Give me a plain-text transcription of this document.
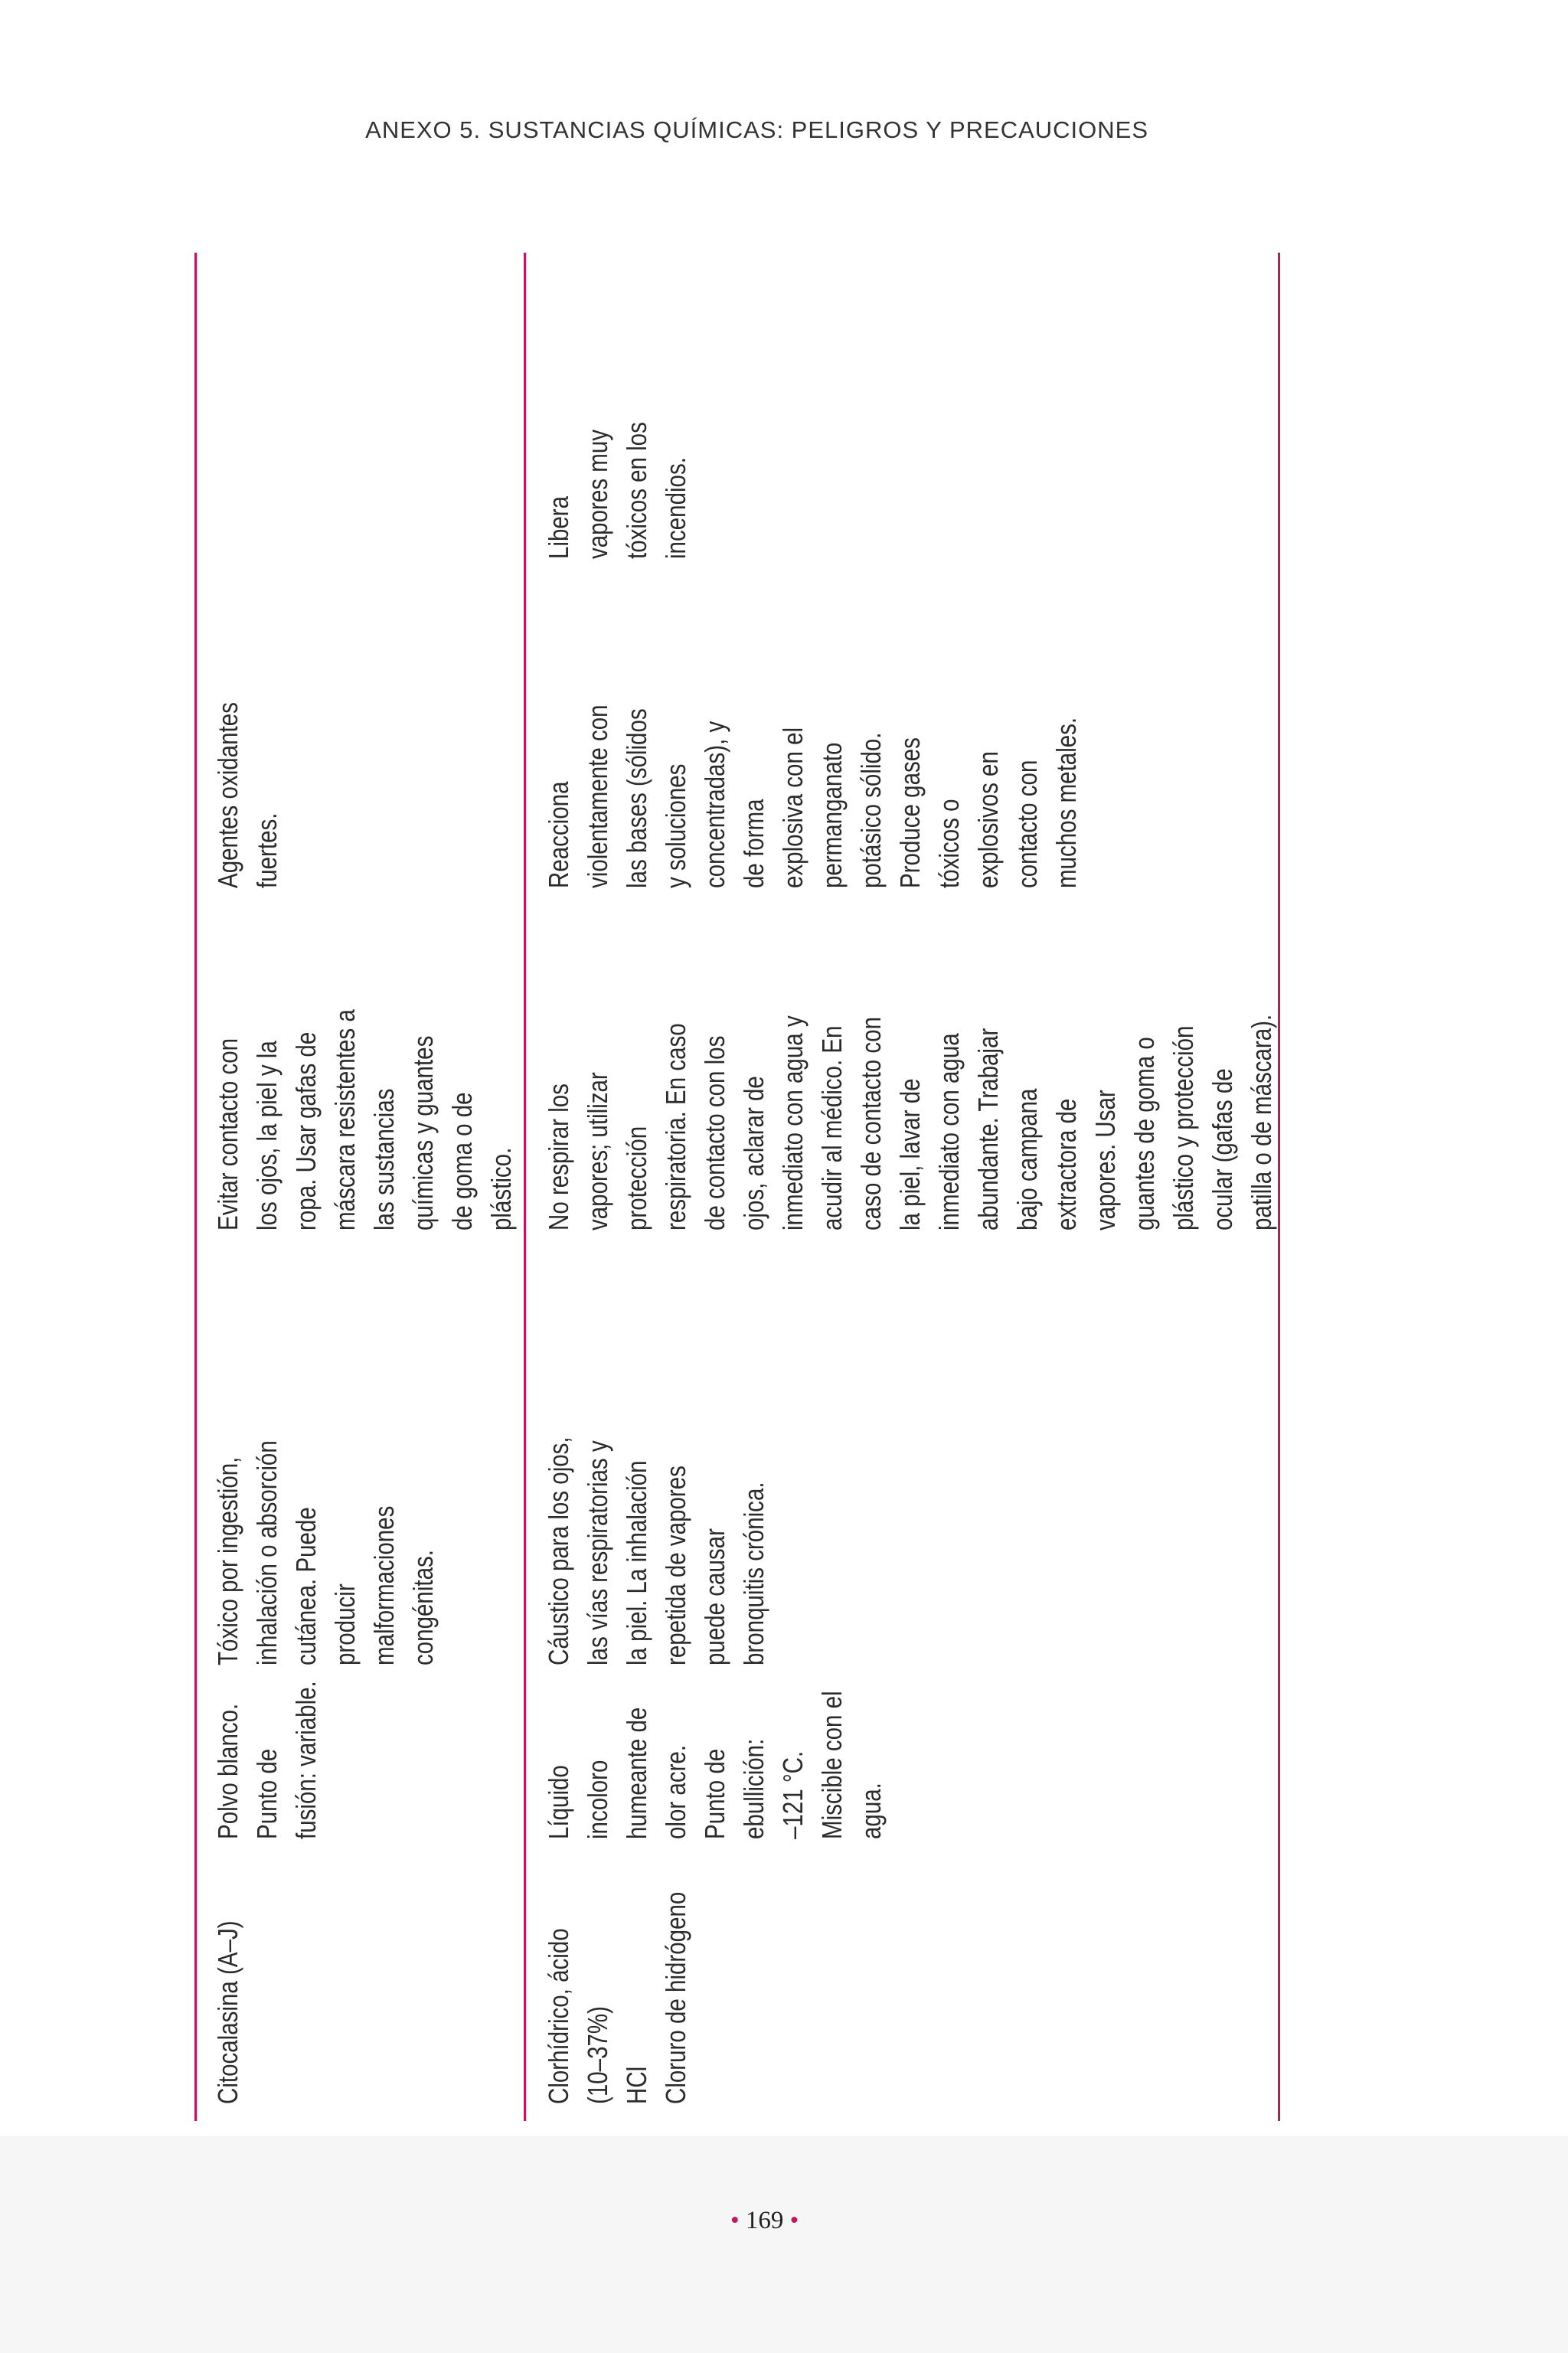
ANEXO 5. SUSTANCIAS QUÍMICAS: PELIGROS Y PRECAUCIONES
Citocalasina (A–J)
Polvo blanco. Punto de fusión: variable.
Tóxico por ingestión, inhalación o absorción cutánea. Puede producir malformaciones congénitas.
Evitar contacto con los ojos, la piel y la ropa. Usar gafas de máscara resistentes a las sustancias químicas y guantes de goma o de plástico.
Agentes oxidantes fuertes.
Clorhídrico, ácido (10–37%) HCl Cloruro de hidrógeno
Líquido incoloro humeante de olor acre. Punto de ebullición: –121 °C. Miscible con el agua.
Cáustico para los ojos, las vías respiratorias y la piel. La inhalación repetida de vapores puede causar bronquitis crónica.
No respirar los vapores; utilizar protección respiratoria. En caso de contacto con los ojos, aclarar de inmediato con agua y acudir al médico. En caso de contacto con la piel, lavar de inmediato con agua abundante. Trabajar bajo campana extractora de vapores. Usar guantes de goma o plástico y protección ocular (gafas de patilla o de máscara).
Reacciona violentamente con las bases (sólidos y soluciones concentradas), y de forma explosiva con el permanganato potásico sólido. Produce gases tóxicos o explosivos en contacto con muchos metales.
Libera vapores muy tóxicos en los incendios.
• 169 •
